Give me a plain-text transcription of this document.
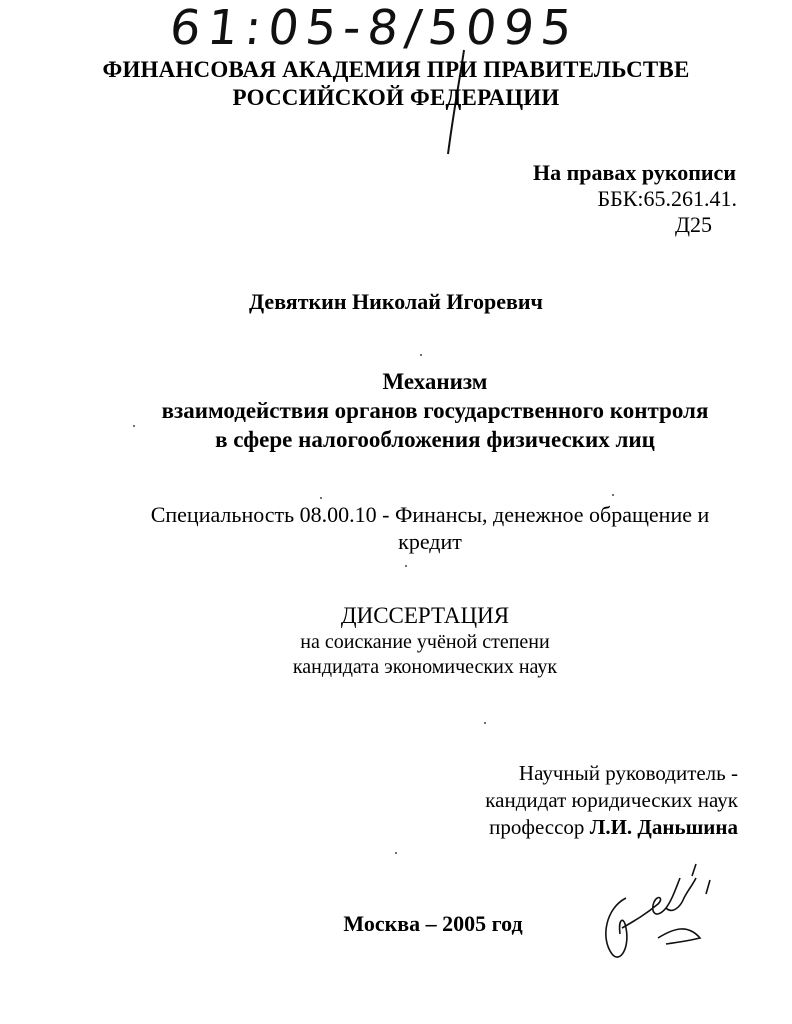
61:05-8/5095
ФИНАНСОВАЯ АКАДЕМИЯ ПРИ ПРАВИТЕЛЬСТВЕ
РОССИЙСКОЙ ФЕДЕРАЦИИ
На правах рукописи
ББК:65.261.41.
Д25
Девяткин Николай Игоревич
Механизм
взаимодействия органов государственного контроля
в сфере налогообложения физических лиц
Специальность 08.00.10 - Финансы, денежное обращение и кредит
ДИССЕРТАЦИЯ
на соискание учёной степени
кандидата экономических наук
Научный руководитель -
кандидат юридических наук
профессор Л.И. Даньшина
Москва – 2005 год
